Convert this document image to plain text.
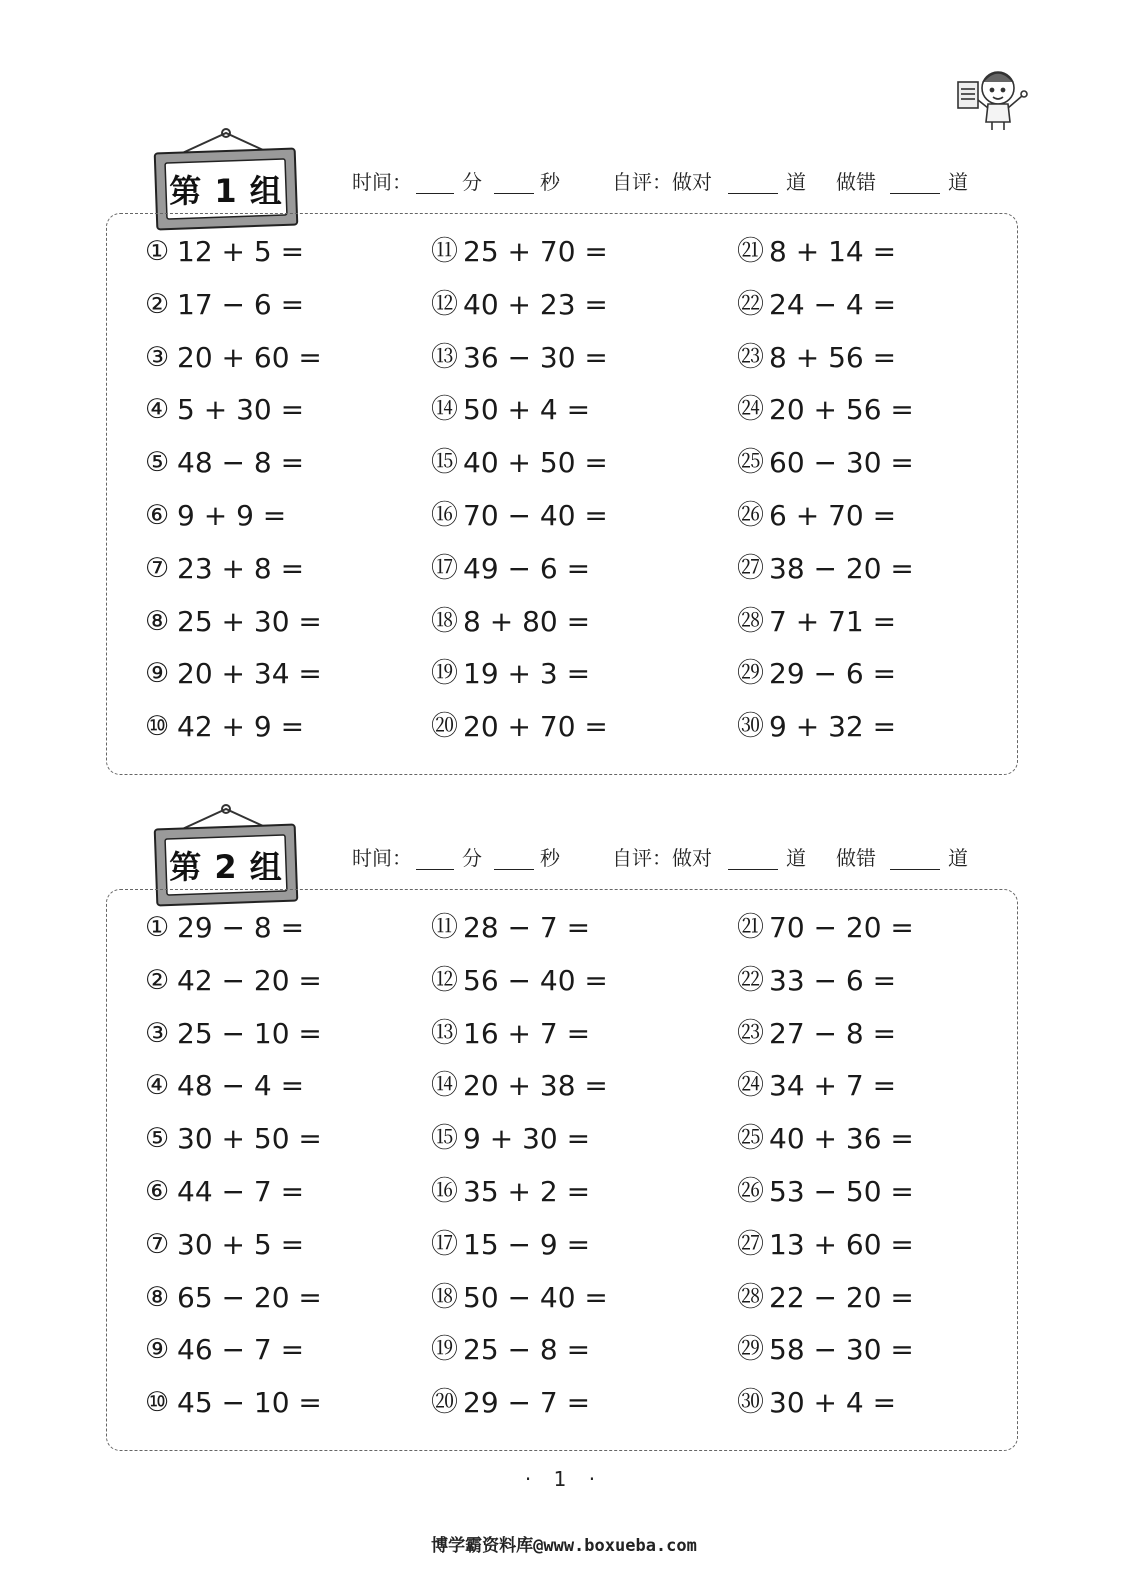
第 1 组	时间：	分	秒	自评：做对	道 做错	道
① 12 + 5 =
② 17 − 6 =
③ 20 + 60 =
④ 5 + 30 =
⑤ 48 − 8 =
⑥ 9 + 9 =
⑦ 23 + 8 =
⑧ 25 + 30 =
⑨ 20 + 34 =
⑩ 42 + 9 =
⑪ 25 + 70 =
⑫ 40 + 23 =
⑬ 36 − 30 =
⑭ 50 + 4 =
⑮ 40 + 50 =
⑯ 70 − 40 =
⑰ 49 − 6 =
⑱ 8 + 80 =
⑲ 19 + 3 =
⑳ 20 + 70 =
㉑ 8 + 14 =
㉒ 24 − 4 =
㉓ 8 + 56 =
㉔ 20 + 56 =
㉕ 60 − 30 =
㉖ 6 + 70 =
㉗ 38 − 20 =
㉘ 7 + 71 =
㉙ 29 − 6 =
㉚ 9 + 32 =
第 2 组	时间：	分	秒	自评：做对	道 做错	道
① 29 − 8 =
② 42 − 20 =
③ 25 − 10 =
④ 48 − 4 =
⑤ 30 + 50 =
⑥ 44 − 7 =
⑦ 30 + 5 =
⑧ 65 − 20 =
⑨ 46 − 7 =
⑩ 45 − 10 =
⑪ 28 − 7 =
⑫ 56 − 40 =
⑬ 16 + 7 =
⑭ 20 + 38 =
⑮ 9 + 30 =
⑯ 35 + 2 =
⑰ 15 − 9 =
⑱ 50 − 40 =
⑲ 25 − 8 =
⑳ 29 − 7 =
㉑ 70 − 20 =
㉒ 33 − 6 =
㉓ 27 − 8 =
㉔ 34 + 7 =
㉕ 40 + 36 =
㉖ 53 − 50 =
㉗ 13 + 60 =
㉘ 22 − 20 =
㉙ 58 − 30 =
㉚ 30 + 4 =
· 1 ·
博学霸资料库@www.boxueba.com
